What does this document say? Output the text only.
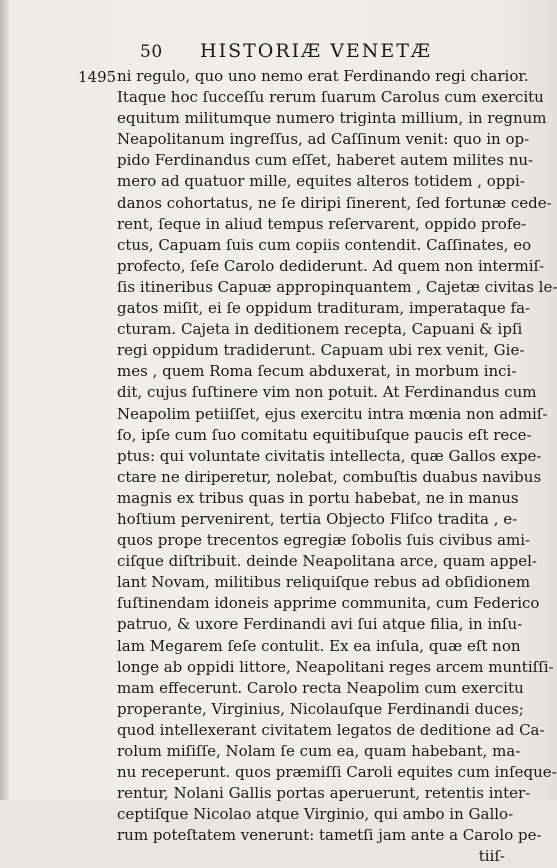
50 HISTORIÆ VENETÆ
1495 ni regulo, quo uno nemo erat Ferdinando regi charior.
Itaque hoc ſucceſſu rerum ſuarum Carolus cum exercitu
equitum militumque numero triginta millium, in regnum
Neapolitanum ingreſſus, ad Caſſinum venit: quo in op-
pido Ferdinandus cum eſſet, haberet autem milites nu-
mero ad quatuor mille, equites alteros totidem , oppi-
danos cohortatus, ne ſe diripi ſinerent, ſed fortunæ cede-
rent, ſeque in aliud tempus reſervarent, oppido profe-
ctus, Capuam ſuis cum copiis contendit. Caſſinates, eo
profecto, ſeſe Carolo dediderunt. Ad quem non intermiſ-
ſis itineribus Capuæ appropinquantem , Cajetæ civitas le-
gatos miſit, ei ſe oppidum tradituram, imperataque fa-
cturam. Cajeta in deditionem recepta, Capuani & ipſi
regi oppidum tradiderunt. Capuam ubi rex venit, Gie-
mes , quem Roma ſecum abduxerat, in morbum inci-
dit, cujus ſuſtinere vim non potuit. At Ferdinandus cum
Neapolim petiiſſet, ejus exercitu intra mœnia non admiſ-
ſo, ipſe cum ſuo comitatu equitibuſque paucis eſt rece-
ptus: qui voluntate civitatis intellecta, quæ Gallos expe-
ctare ne diriperetur, nolebat, combuſtis duabus navibus
magnis ex tribus quas in portu habebat, ne in manus
hoſtium pervenirent, tertia Objecto Fliſco tradita , e-
quos prope trecentos egregiæ ſobolis ſuis civibus ami-
ciſque diſtribuit. deinde Neapolitana arce, quam appel-
lant Novam, militibus reliquiſque rebus ad obſidionem
ſuſtinendam idoneis apprime communita, cum Federico
patruo, & uxore Ferdinandi avi ſui atque filia, in inſu-
lam Megarem ſeſe contulit. Ex ea inſula, quæ eſt non
longe ab oppidi littore, Neapolitani reges arcem muntiſſi-
mam effecerunt. Carolo recta Neapolim cum exercitu
properante, Virginius, Nicolauſque Ferdinandi duces;
quod intellexerant civitatem legatos de deditione ad Ca-
rolum miſiſſe, Nolam ſe cum ea, quam habebant, ma-
nu receperunt. quos præmiſſi Caroli equites cum inſeque-
rentur, Nolani Gallis portas aperuerunt, retentis inter-
ceptiſque Nicolao atque Virginio, qui ambo in Gallo-
rum poteſtatem venerunt: tametſi jam ante a Carolo pe-
tiiſ-
